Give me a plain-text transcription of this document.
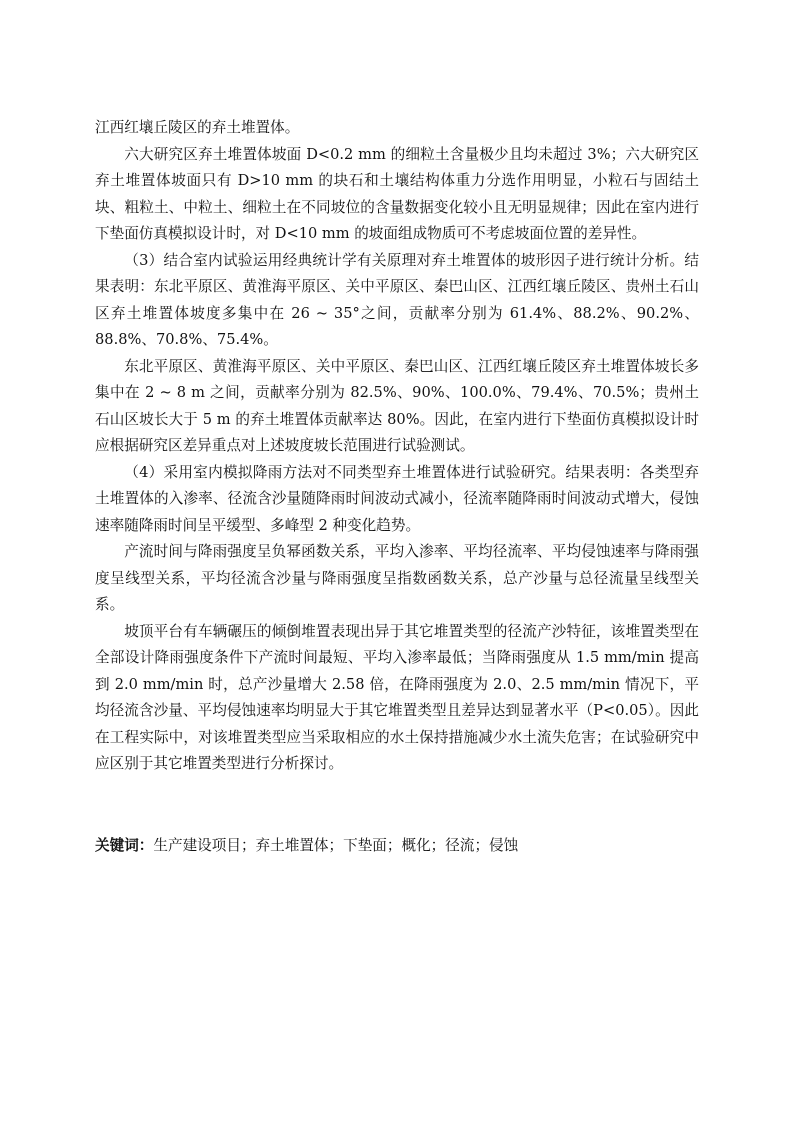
江西红壤丘陵区的弃土堆置体。

六大研究区弃土堆置体坡面 D<0.2 mm 的细粒土含量极少且均未超过 3%；六大研究区弃土堆置体坡面只有 D>10 mm 的块石和土壤结构体重力分选作用明显，小粒石与固结土块、粗粒土、中粒土、细粒土在不同坡位的含量数据变化较小且无明显规律；因此在室内进行下垫面仿真模拟设计时，对 D<10 mm 的坡面组成物质可不考虑坡面位置的差异性。

（3）结合室内试验运用经典统计学有关原理对弃土堆置体的坡形因子进行统计分析。结果表明：东北平原区、黄淮海平原区、关中平原区、秦巴山区、江西红壤丘陵区、贵州土石山区弃土堆置体坡度多集中在 26 ~ 35°之间，贡献率分别为 61.4%、88.2%、90.2%、88.8%、70.8%、75.4%。

东北平原区、黄淮海平原区、关中平原区、秦巴山区、江西红壤丘陵区弃土堆置体坡长多集中在 2 ~ 8 m 之间，贡献率分别为 82.5%、90%、100.0%、79.4%、70.5%；贵州土石山区坡长大于 5 m 的弃土堆置体贡献率达 80%。因此，在室内进行下垫面仿真模拟设计时应根据研究区差异重点对上述坡度坡长范围进行试验测试。

（4）采用室内模拟降雨方法对不同类型弃土堆置体进行试验研究。结果表明：各类型弃土堆置体的入渗率、径流含沙量随降雨时间波动式减小，径流率随降雨时间波动式增大，侵蚀速率随降雨时间呈平缓型、多峰型 2 种变化趋势。

产流时间与降雨强度呈负幂函数关系，平均入渗率、平均径流率、平均侵蚀速率与降雨强度呈线型关系，平均径流含沙量与降雨强度呈指数函数关系，总产沙量与总径流量呈线型关系。

坡顶平台有车辆碾压的倾倒堆置表现出异于其它堆置类型的径流产沙特征，该堆置类型在全部设计降雨强度条件下产流时间最短、平均入渗率最低；当降雨强度从 1.5 mm/min 提高到 2.0 mm/min 时，总产沙量增大 2.58 倍，在降雨强度为 2.0、2.5 mm/min 情况下，平均径流含沙量、平均侵蚀速率均明显大于其它堆置类型且差异达到显著水平（P<0.05）。因此在工程实际中，对该堆置类型应当采取相应的水土保持措施减少水土流失危害；在试验研究中应区别于其它堆置类型进行分析探讨。

关键词：生产建设项目；弃土堆置体；下垫面；概化；径流；侵蚀
